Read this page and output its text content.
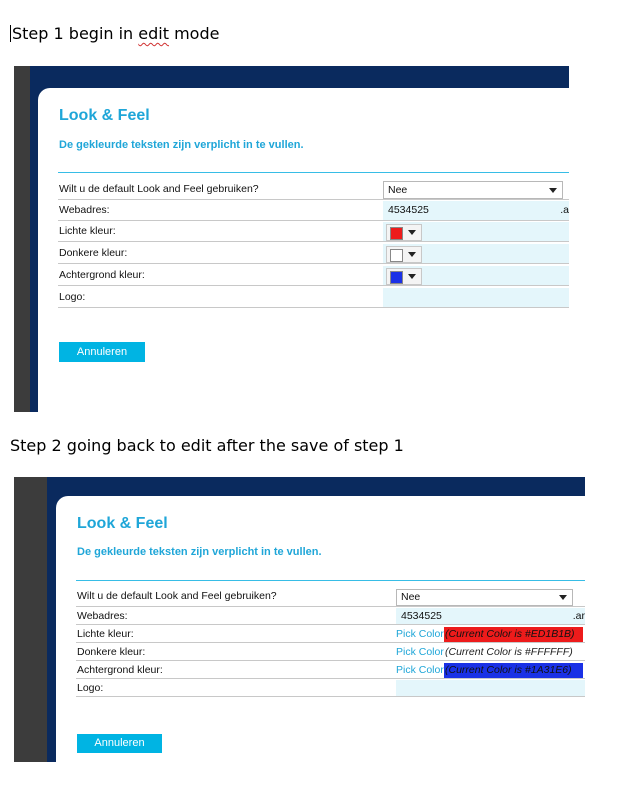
Step 1 begin in edit mode
Look & Feel
De gekleurde teksten zijn verplicht in te vullen.
Wilt u de default Look and Feel gebruiken?	Nee
Webadres:	4534525	.a
Lichte kleur:
Donkere kleur:
Achtergrond kleur:
Logo:
Annuleren
Step 2 going back to edit after the save of step 1
Look & Feel
De gekleurde teksten zijn verplicht in te vullen.
Wilt u de default Look and Feel gebruiken?	Nee
Webadres:	4534525	.ar
Lichte kleur:	Pick Color (Current Color is #ED1B1B)
Donkere kleur:	Pick Color (Current Color is #FFFFFF)
Achtergrond kleur:	Pick Color (Current Color is #1A31E6)
Logo:
Annuleren
